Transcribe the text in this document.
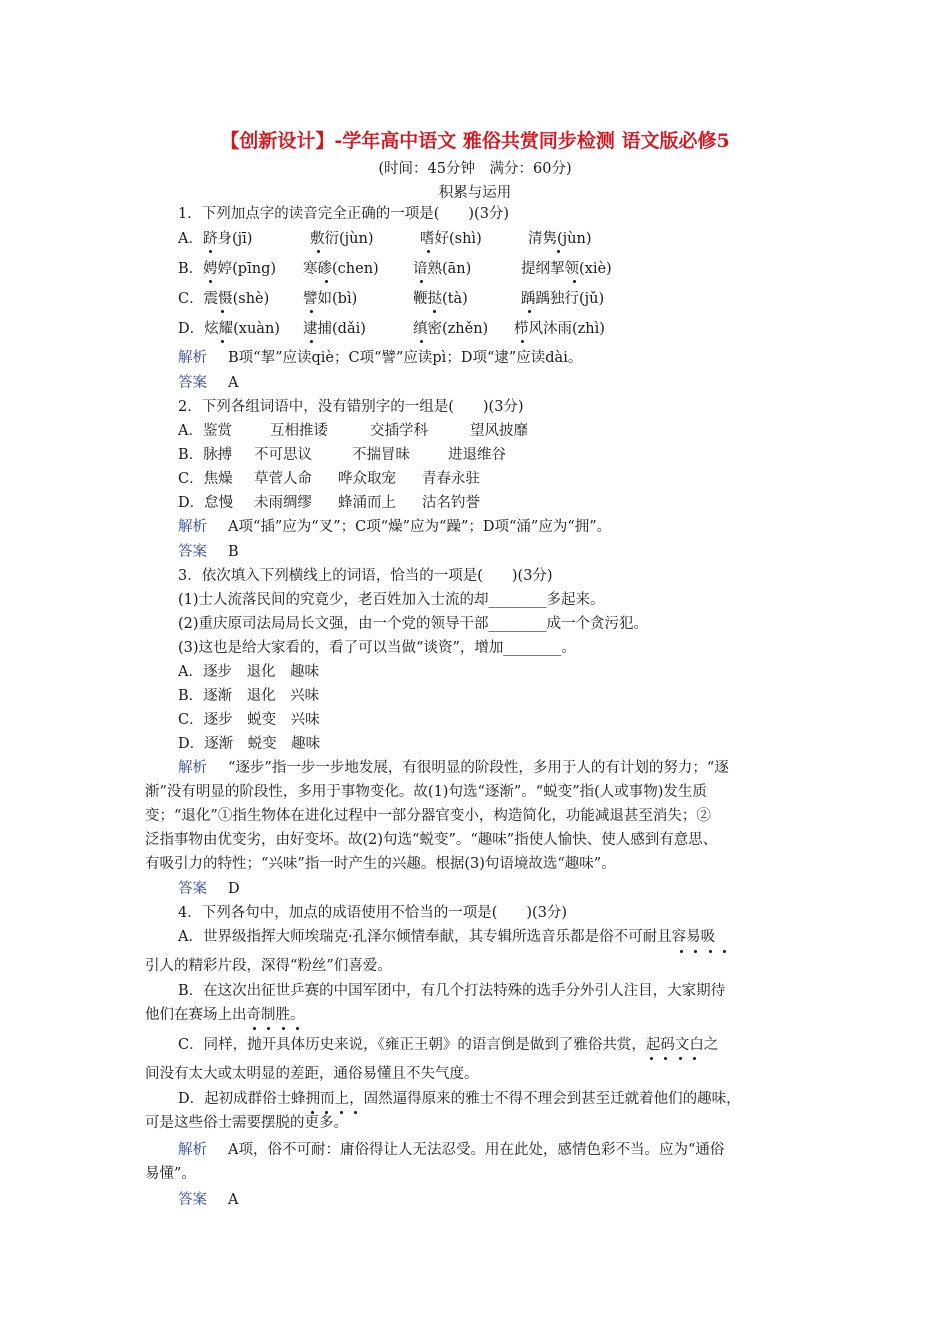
【创新设计】-学年高中语文 雅俗共赏同步检测 语文版必修5
(时间：45分钟　满分：60分)
积累与运用
1．下列加点字的读音完全正确的一项是(　　)(3分)
A．跻身(jī)	敷衍(jùn)	嗜好(shì)	清隽(jùn)
B．娉婷(pīng) 寒碜(chen) 谙熟(ān)	提纲挈领(xiè)
C．震慑(shè) 譬如(bì)	鞭挞(tà)	踽踽独行(jǔ)
D．炫耀(xuàn) 逮捕(dǎi)	缜密(zhěn) 栉风沐雨(zhì)
解析 B项“挈”应读qiè；C项“譬”应读pì；D项“逮”应读dài。
答案 A
2．下列各组词语中，没有错别字的一组是(　　)(3分)
A．鉴赏	互相推诿	交插学科	望风披靡
B．脉搏 不可思议	不揣冒昧	进退维谷
C．焦燥 草菅人命 哗众取宠 青春永驻
D．怠慢 未雨绸缪 蜂涌而上 沽名钓誉
解析 A项“插”应为“叉”；C项“燥”应为“躁”；D项“涌”应为“拥”。
答案 B
3．依次填入下列横线上的词语，恰当的一项是(　　)(3分)
(1)士人流落民间的究竟少，老百姓加入士流的却________多起来。
(2)重庆原司法局局长文强，由一个党的领导干部________成一个贪污犯。
(3)这也是给大家看的，看了可以当做“谈资”，增加________。
A．逐步　退化　趣味
B．逐渐　退化　兴味
C．逐步　蜕变　兴味
D．逐渐　蜕变　趣味
解析 “逐步”指一步一步地发展，有很明显的阶段性，多用于人的有计划的努力；“逐
渐”没有明显的阶段性，多用于事物变化。故(1)句选“逐渐”。“蜕变”指(人或事物)发生质
变；“退化”①指生物体在进化过程中一部分器官变小，构造简化，功能减退甚至消失；②
泛指事物由优变劣，由好变坏。故(2)句选“蜕变”。“趣味”指使人愉快、使人感到有意思、
有吸引力的特性；“兴味”指一时产生的兴趣。根据(3)句语境故选“趣味”。
答案 D
4．下列各句中，加点的成语使用不恰当的一项是(　　)(3分)
A．世界级指挥大师埃瑞克·孔泽尔倾情奉献，其专辑所选音乐都是俗不可耐且容易吸
引人的精彩片段，深得“粉丝”们喜爱。
B．在这次出征世乒赛的中国军团中，有几个打法特殊的选手分外引人注目，大家期待
他们在赛场上出奇制胜。
C．同样，抛开具体历史来说，《雍正王朝》的语言倒是做到了雅俗共赏，起码文白之
间没有太大或太明显的差距，通俗易懂且不失气度。
D．起初成群俗士蜂拥而上，固然逼得原来的雅士不得不理会到甚至迁就着他们的趣味，
可是这些俗士需要摆脱的更多。
解析 A项，俗不可耐：庸俗得让人无法忍受。用在此处，感情色彩不当。应为“通俗
易懂”。
答案 A
